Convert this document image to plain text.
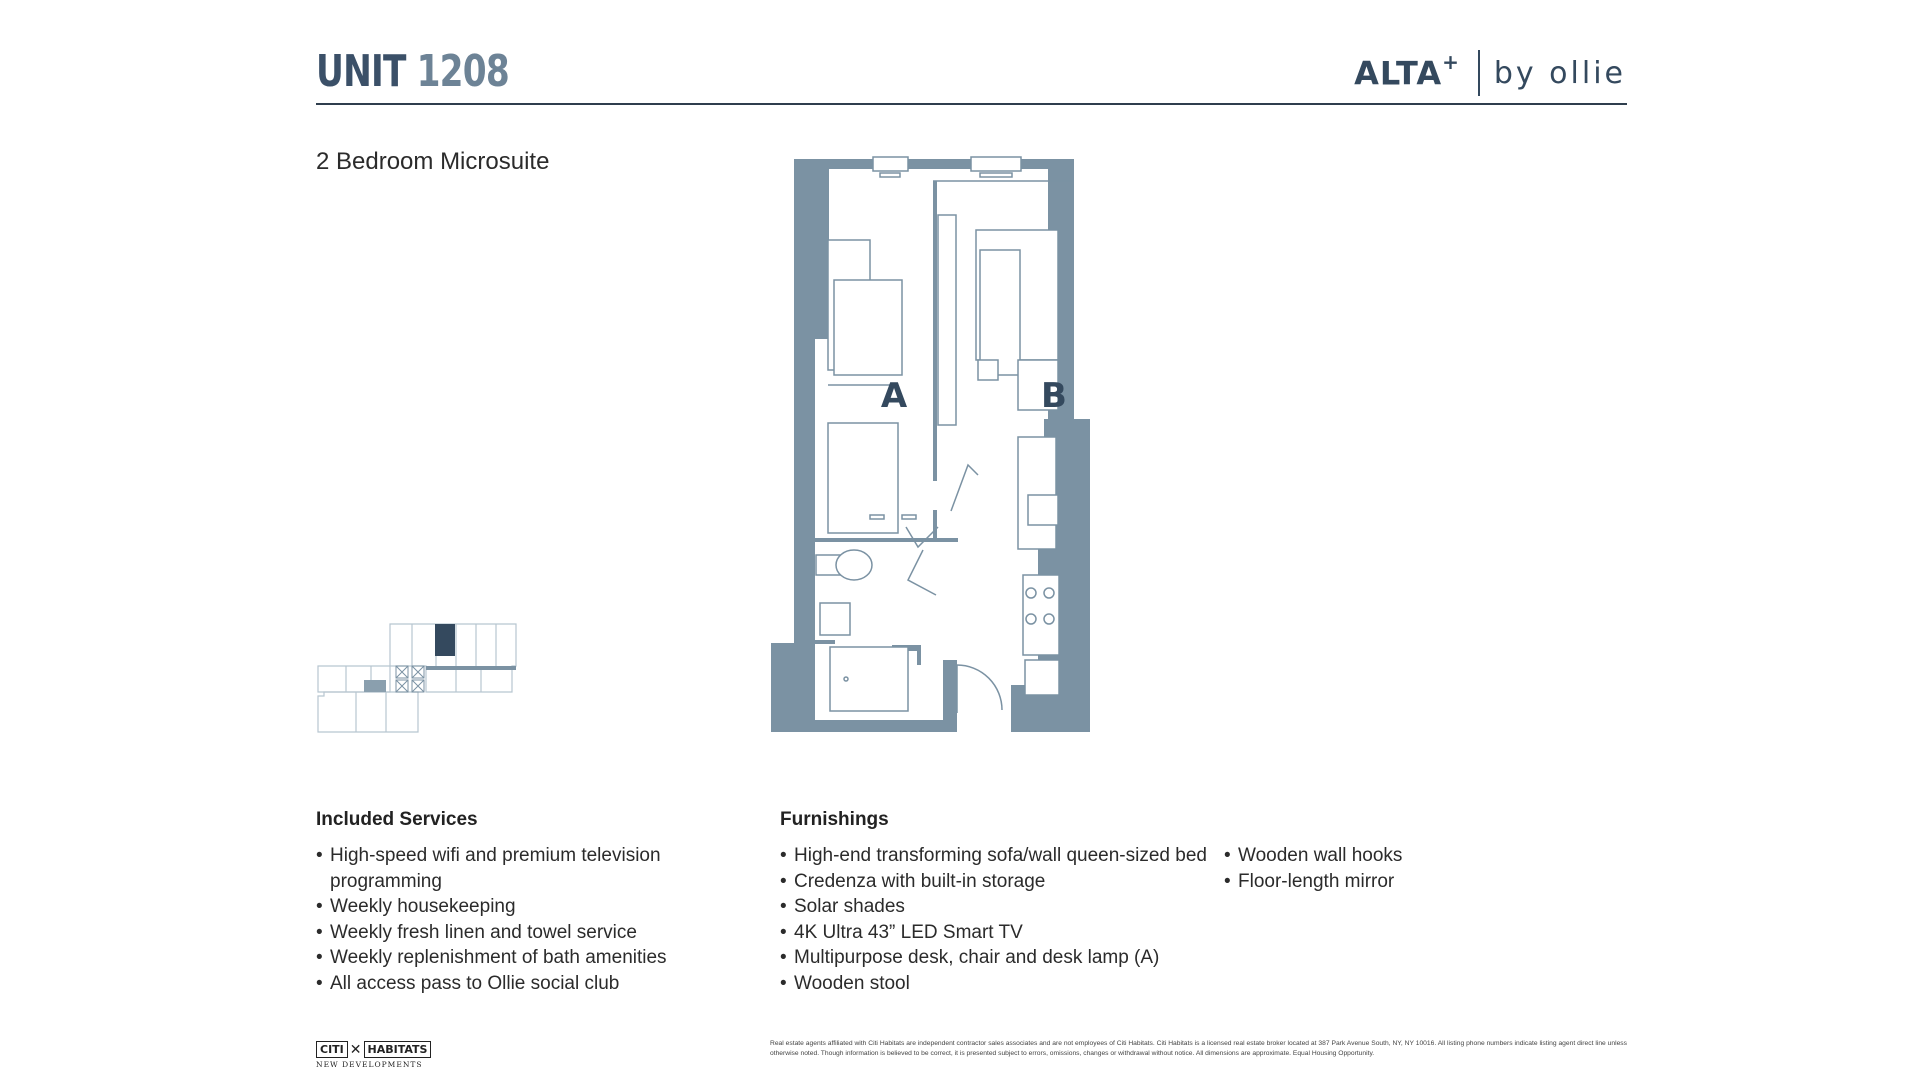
UNIT 1208	ALTA+ by ollie
2 Bedroom Microsuite
A	B
Included Services
• High-speed wifi and premium television
programming
• Weekly housekeeping
• Weekly fresh linen and towel service
• Weekly replenishment of bath amenities
• All access pass to Ollie social club
Furnishings
• High-end transforming sofa/wall queen-sized bed
• Credenza with built-in storage
• Solar shades
• 4K Ultra 43” LED Smart TV
• Multipurpose desk, chair and desk lamp (A)
• Wooden stool
• Wooden wall hooks
• Floor-length mirror
CITI ✕ HABITATS
NEW DEVELOPMENTS
Real estate agents affiliated with Citi Habitats are independent contractor sales associates and are not employees of Citi Habitats. Citi Habitats is a licensed real estate broker located at 387 Park Avenue South, NY, NY 10016. All listing phone numbers indicate listing agent direct line unless otherwise noted. Though information is believed to be correct, it is presented subject to errors, omissions, changes or withdrawal without notice. All dimensions are approximate. Equal Housing Opportunity.
